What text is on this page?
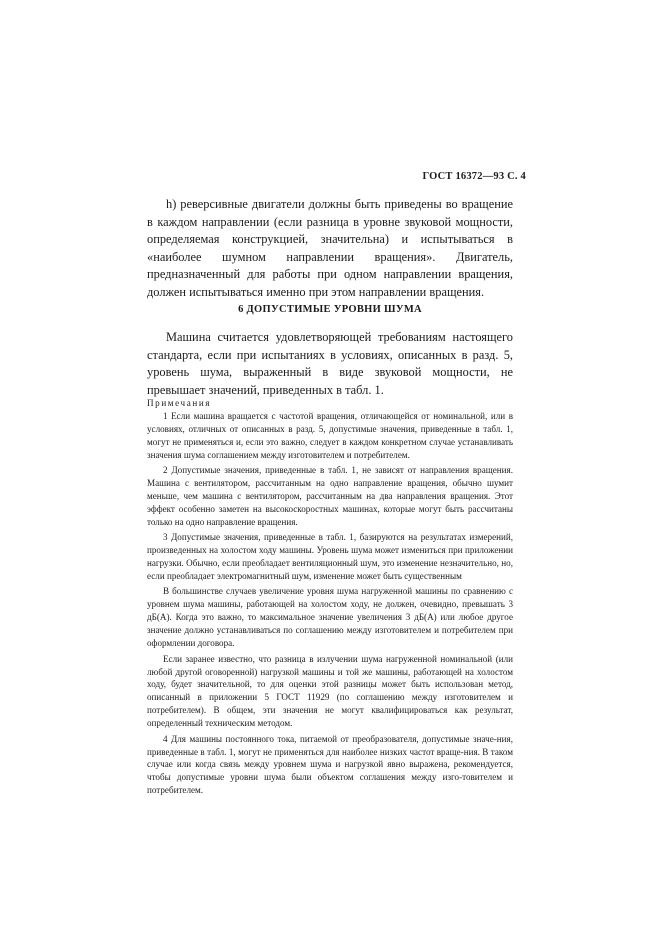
ГОСТ 16372—93 С. 4

h) реверсивные двигатели должны быть приведены во вращение в каждом направлении (если разница в уровне звуковой мощности, определяемая конструкцией, значительна) и испытываться в «наиболее шумном направлении вращения». Двигатель, предназначенный для работы при одном направлении вращения, должен испытываться именно при этом направлении вращения.

6 ДОПУСТИМЫЕ УРОВНИ ШУМА

Машина считается удовлетворяющей требованиям настоящего стандарта, если при испытаниях в условиях, описанных в разд. 5, уровень шума, выраженный в виде звуковой мощности, не превышает значений, приведенных в табл. 1.

Примечания

1 Если машина вращается с частотой вращения, отличающейся от номинальной, или в условиях, отличных от описанных в разд. 5, допустимые значения, приведенные в табл. 1, могут не применяться и, если это важно, следует в каждом конкретном случае устанавливать значения шума соглашением между изготовителем и потребителем.

2 Допустимые значения, приведенные в табл. 1, не зависят от направления вращения. Машина с вентилятором, рассчитанным на одно направление вращения, обычно шумит меньше, чем машина с вентилятором, рассчитанным на два направления вращения. Этот эффект особенно заметен на высокоскоростных машинах, которые могут быть рассчитаны только на одно направление вращения.

3 Допустимые значения, приведенные в табл. 1, базируются на результатах измерений, произведенных на холостом ходу машины. Уровень шума может измениться при приложении нагрузки. Обычно, если преобладает вентиляционный шум, это изменение незначительно, но, если преобладает электромагнитный шум, изменение может быть существенным

В большинстве случаев увеличение уровня шума нагруженной машины по сравнению с уровнем шума машины, работающей на холостом ходу, не должен, очевидно, превышать 3 дБ(А). Когда это важно, то максимальное значение увеличения 3 дБ(А) или любое другое значение должно устанавливаться по соглашению между изготовителем и потребителем при оформлении договора.

Если заранее известно, что разница в излучении шума нагруженной номинальной (или любой другой оговоренной) нагрузкой машины и той же машины, работающей на холостом ходу, будет значительной, то для оценки этой разницы может быть использован метод, описанный в приложении 5 ГОСТ 11929 (по соглашению между изготовителем и потребителем). В общем, эти значения не могут квалифицироваться как результат, определенный техническим методом.

4 Для машины постоянного тока, питаемой от преобразователя, допустимые значе-ния, приведенные в табл. 1, могут не применяться для наиболее низких частот враще-ния. В таком случае или когда связь между уровнем шума и нагрузкой явно выражена, рекомендуется, чтобы допустимые уровни шума были объектом соглашения между изго-товителем и потребителем.
